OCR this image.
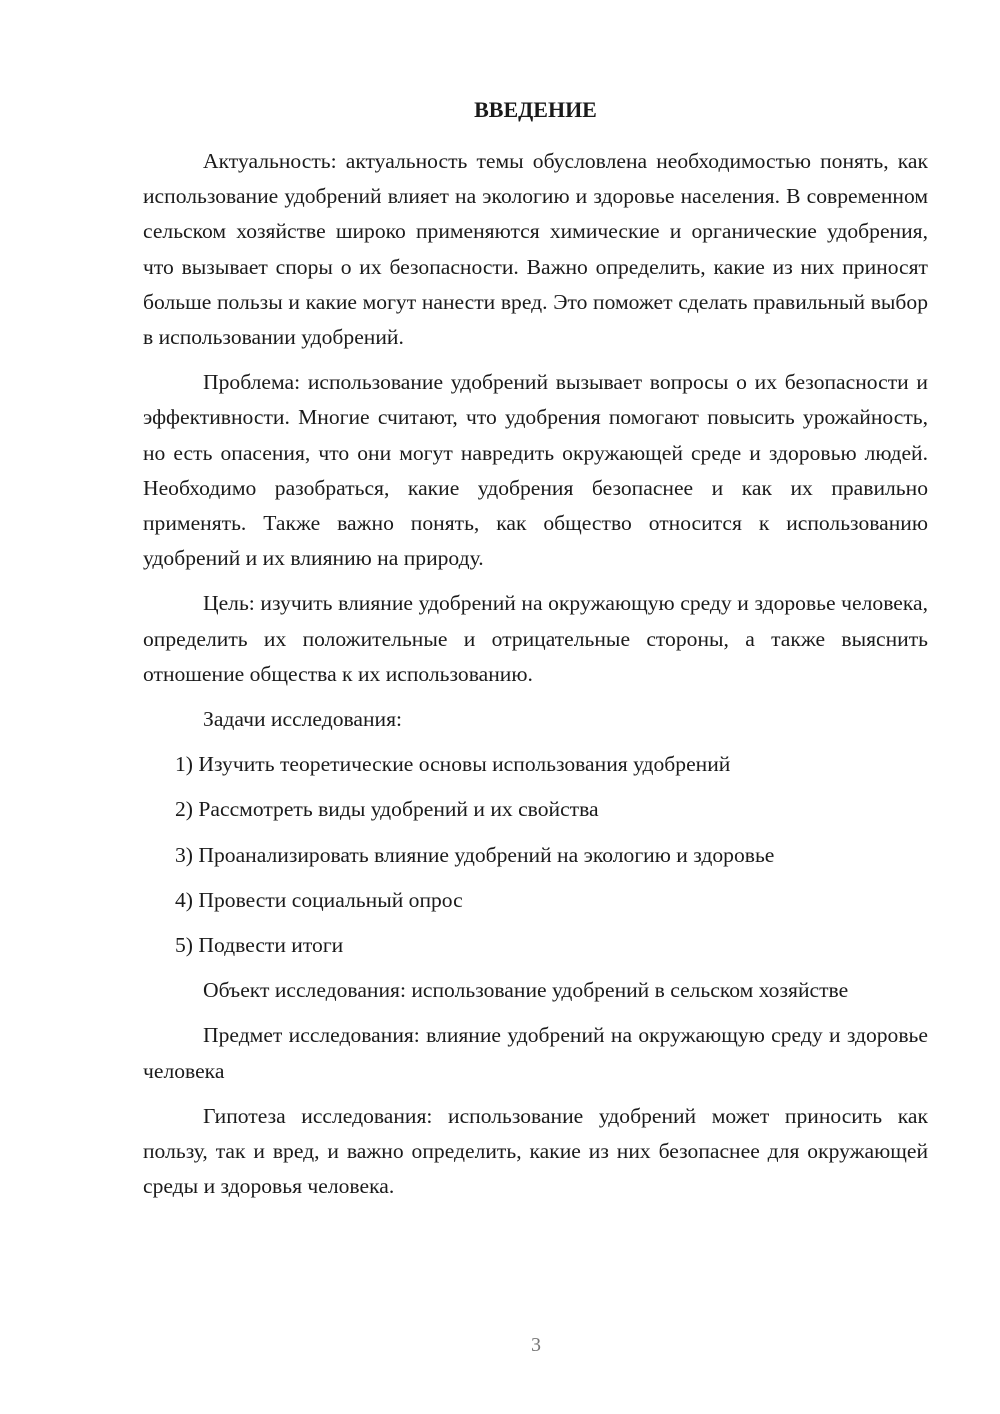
ВВЕДЕНИЕ

Актуальность: актуальность темы обусловлена необходимостью понять, как использование удобрений влияет на экологию и здоровье населения. В современном сельском хозяйстве широко применяются химические и органические удобрения, что вызывает споры о их безопасности. Важно определить, какие из них приносят больше пользы и какие могут нанести вред. Это поможет сделать правильный выбор в использовании удобрений.

Проблема: использование удобрений вызывает вопросы о их безопасности и эффективности. Многие считают, что удобрения помогают повысить урожайность, но есть опасения, что они могут навредить окружающей среде и здоровью людей. Необходимо разобраться, какие удобрения безопаснее и как их правильно применять. Также важно понять, как общество относится к использованию удобрений и их влиянию на природу.

Цель: изучить влияние удобрений на окружающую среду и здоровье человека, определить их положительные и отрицательные стороны, а также выяснить отношение общества к их использованию.

Задачи исследования:

1) Изучить теоретические основы использования удобрений

2) Рассмотреть виды удобрений и их свойства

3) Проанализировать влияние удобрений на экологию и здоровье

4) Провести социальный опрос

5) Подвести итоги

Объект исследования: использование удобрений в сельском хозяйстве

Предмет исследования: влияние удобрений на окружающую среду и здоровье человека

Гипотеза исследования: использование удобрений может приносить как пользу, так и вред, и важно определить, какие из них безопаснее для окружающей среды и здоровья человека.

3
